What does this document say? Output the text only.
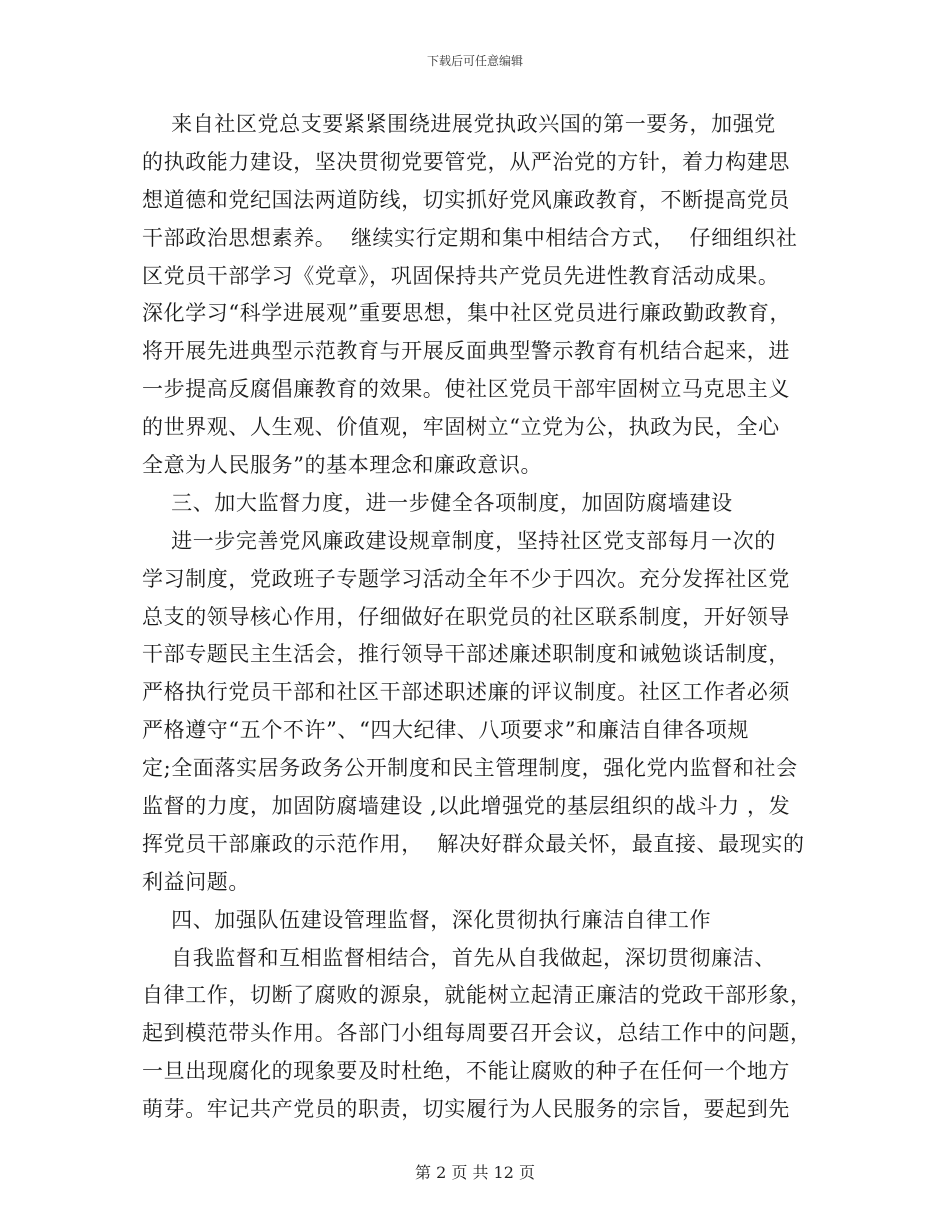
下载后可任意编辑
来自社区党总支要紧紧围绕进展党执政兴国的第一要务，加强党
的执政能力建设，坚决贯彻党要管党，从严治党的方针，着力构建思
想道德和党纪国法两道防线，切实抓好党风廉政教育，不断提高党员
干部政治思想素养。  继续实行定期和集中相结合方式，  仔细组织社
区党员干部学习《党章》，巩固保持共产党员先进性教育活动成果。
深化学习“科学进展观”重要思想，集中社区党员进行廉政勤政教育，
将开展先进典型示范教育与开展反面典型警示教育有机结合起来，进
一步提高反腐倡廉教育的效果。使社区党员干部牢固树立马克思主义
的世界观、人生观、价值观，牢固树立“立党为公，执政为民，全心
全意为人民服务”的基本理念和廉政意识。
三、加大监督力度，进一步健全各项制度，加固防腐墙建设
进一步完善党风廉政建设规章制度，坚持社区党支部每月一次的
学习制度，党政班子专题学习活动全年不少于四次。充分发挥社区党
总支的领导核心作用，仔细做好在职党员的社区联系制度，开好领导
干部专题民主生活会，推行领导干部述廉述职制度和诫勉谈话制度，
严格执行党员干部和社区干部述职述廉的评议制度。社区工作者必须
严格遵守“五个不许”、“四大纪律、八项要求”和廉洁自律各项规
定;全面落实居务政务公开制度和民主管理制度，强化党内监督和社会
监督的力度，加固防腐墙建设 ,以此增强党的基层组织的战斗力 ，发
挥党员干部廉政的示范作用，  解决好群众最关怀，最直接、最现实的
利益问题。
四、加强队伍建设管理监督，深化贯彻执行廉洁自律工作
自我监督和互相监督相结合，首先从自我做起，深切贯彻廉洁、
自律工作，切断了腐败的源泉，就能树立起清正廉洁的党政干部形象，
起到模范带头作用。各部门小组每周要召开会议，总结工作中的问题，
一旦出现腐化的现象要及时杜绝，不能让腐败的种子在任何一个地方
萌芽。牢记共产党员的职责，切实履行为人民服务的宗旨，要起到先
第 2 页 共 12 页
